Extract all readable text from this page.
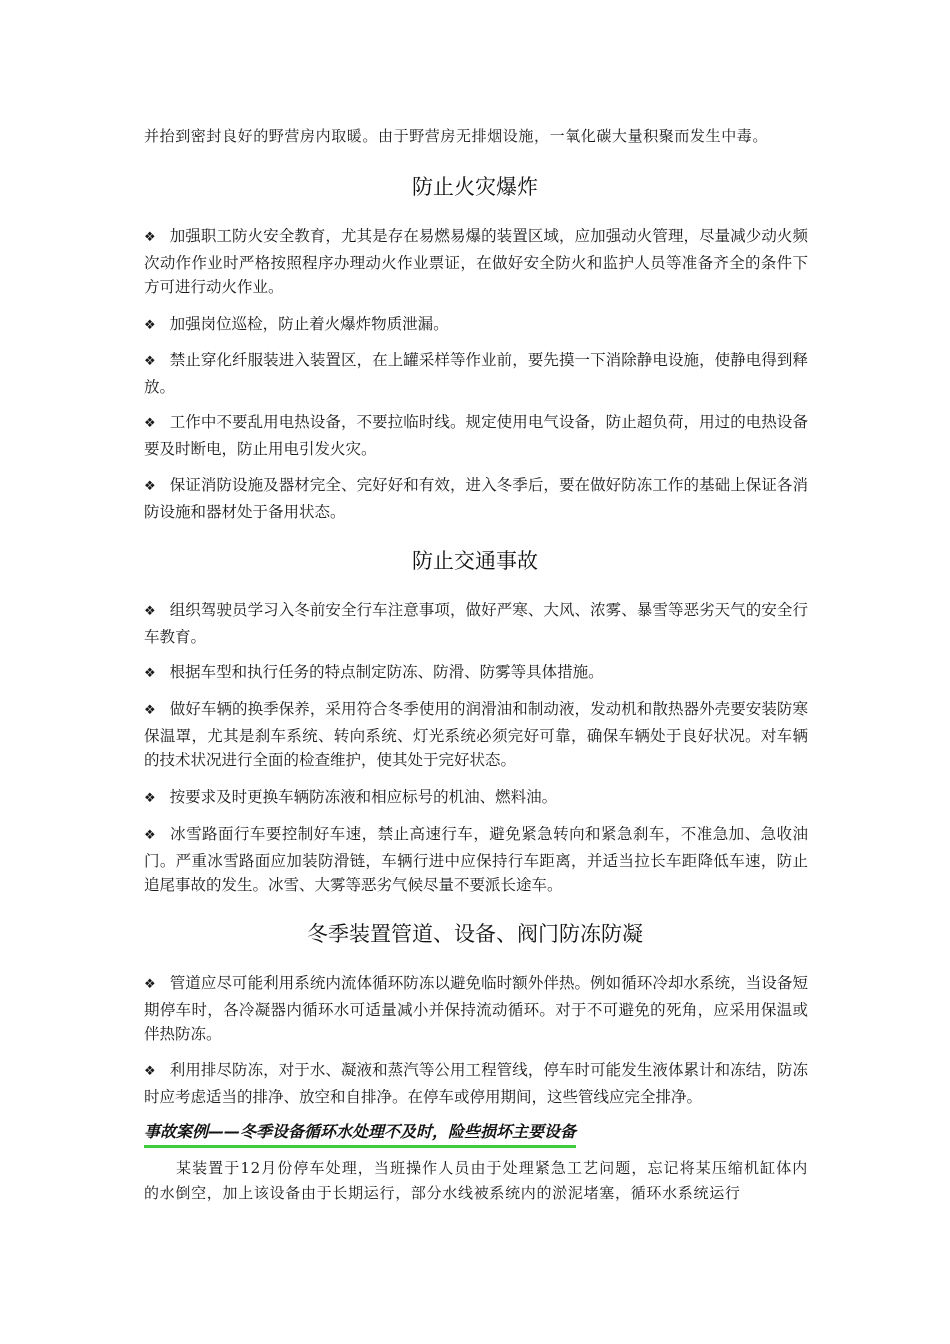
并抬到密封良好的野营房内取暖。由于野营房无排烟设施，一氧化碳大量积聚而发生中毒。
防止火灾爆炸
❖ 加强职工防火安全教育，尤其是存在易燃易爆的装置区域，应加强动火管理，尽量减少动火频次动作作业时严格按照程序办理动火作业票证，在做好安全防火和监护人员等准备齐全的条件下方可进行动火作业。
❖ 加强岗位巡检，防止着火爆炸物质泄漏。
❖ 禁止穿化纤服装进入装置区，在上罐采样等作业前，要先摸一下消除静电设施，使静电得到释放。
❖ 工作中不要乱用电热设备，不要拉临时线。规定使用电气设备，防止超负荷，用过的电热设备要及时断电，防止用电引发火灾。
❖ 保证消防设施及器材完全、完好好和有效，进入冬季后，要在做好防冻工作的基础上保证各消防设施和器材处于备用状态。
防止交通事故
❖ 组织驾驶员学习入冬前安全行车注意事项，做好严寒、大风、浓雾、暴雪等恶劣天气的安全行车教育。
❖ 根据车型和执行任务的特点制定防冻、防滑、防雾等具体措施。
❖ 做好车辆的换季保养，采用符合冬季使用的润滑油和制动液，发动机和散热器外壳要安装防寒保温罩，尤其是刹车系统、转向系统、灯光系统必须完好可靠，确保车辆处于良好状况。对车辆的技术状况进行全面的检查维护，使其处于完好状态。
❖ 按要求及时更换车辆防冻液和相应标号的机油、燃料油。
❖ 冰雪路面行车要控制好车速，禁止高速行车，避免紧急转向和紧急刹车，不准急加、急收油门。严重冰雪路面应加装防滑链，车辆行进中应保持行车距离，并适当拉长车距降低车速，防止追尾事故的发生。冰雪、大雾等恶劣气候尽量不要派长途车。
冬季装置管道、设备、阀门防冻防凝
❖ 管道应尽可能利用系统内流体循环防冻以避免临时额外伴热。例如循环冷却水系统，当设备短期停车时，各冷凝器内循环水可适量减小并保持流动循环。对于不可避免的死角，应采用保温或伴热防冻。
❖ 利用排尽防冻，对于水、凝液和蒸汽等公用工程管线，停车时可能发生液体累计和冻结，防冻时应考虑适当的排净、放空和自排净。在停车或停用期间，这些管线应完全排净。
事故案例——冬季设备循环水处理不及时，险些损坏主要设备
某装置于12月份停车处理，当班操作人员由于处理紧急工艺问题，忘记将某压缩机缸体内的水倒空，加上该设备由于长期运行，部分水线被系统内的淤泥堵塞，循环水系统运行
